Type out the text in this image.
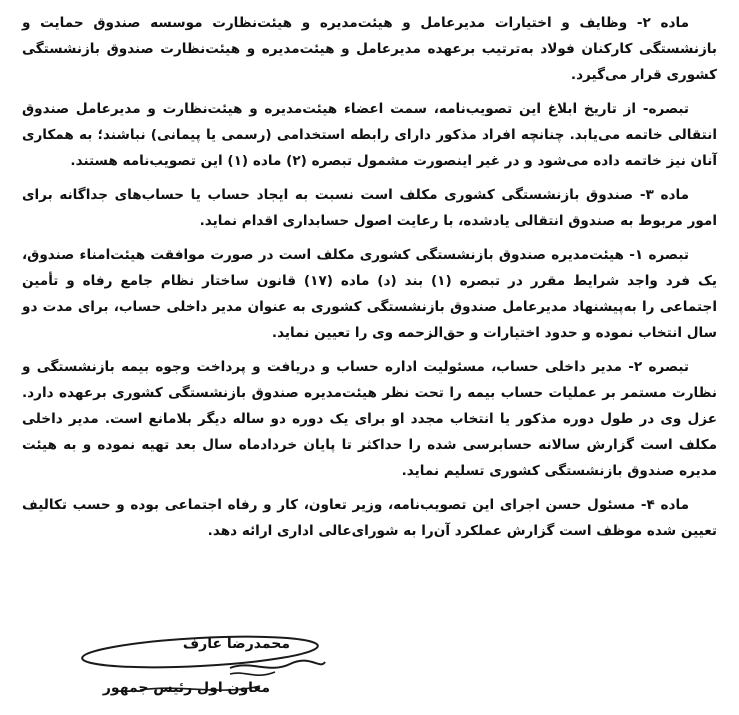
ماده ۲- وظایف و اختیارات مدیرعامل و هیئت‌مدیره و هیئت‌نظارت موسسه صندوق حمایت و بازنشستگی کارکنان فولاد به‌ترتیب برعهده مدیرعامل و هیئت‌مدیره و هیئت‌نظارت صندوق بازنشستگی کشوری قرار می‌گیرد.

تبصره- از تاریخ ابلاغ این تصویب‌نامه، سمت اعضاء هیئت‌مدیره و هیئت‌نظارت و مدیرعامل صندوق انتقالی خاتمه می‌یابد. چنانچه افراد مذکور دارای رابطه استخدامی (رسمی یا پیمانی) نباشند؛ به همکاری آنان نیز خاتمه داده می‌شود و در غیر اینصورت مشمول تبصره (۲) ماده (۱) این تصویب‌نامه هستند.

ماده ۳- صندوق بازنشستگی کشوری مکلف است نسبت به ایجاد حساب یا حساب‌های جداگانه برای امور مربوط به صندوق انتقالی یادشده، با رعایت اصول حسابداری اقدام نماید.

تبصره ۱- هیئت‌مدیره صندوق بازنشستگی کشوری مکلف است در صورت موافقت هیئت‌امناء صندوق، یک فرد واجد شرایط مقرر در تبصره (۱) بند (د) ماده (۱۷) قانون ساختار نظام جامع رفاه و تأمین اجتماعی را به‌پیشنهاد مدیرعامل صندوق بازنشستگی کشوری به عنوان مدیر داخلی حساب، برای مدت دو سال انتخاب نموده و حدود اختیارات و حق‌الزحمه وی را تعیین نماید.

تبصره ۲- مدیر داخلی حساب، مسئولیت اداره حساب و دریافت و پرداخت وجوه بیمه بازنشستگی و نظارت مستمر بر عملیات حساب بیمه را تحت نظر هیئت‌مدیره صندوق بازنشستگی کشوری برعهده دارد. عزل وی در طول دوره مذکور یا انتخاب مجدد او برای یک دوره دو ساله دیگر بلامانع است. مدیر داخلی مکلف است گزارش سالانه حسابرسی شده را حداکثر تا پایان خردادماه سال بعد تهیه نموده و به هیئت مدیره صندوق بازنشستگی کشوری تسلیم نماید.

ماده ۴- مسئول حسن اجرای این تصویب‌نامه، وزیر تعاون، کار و رفاه اجتماعی بوده و حسب تکالیف تعیین شده موظف است گزارش عملکرد آن‌را به شورای‌عالی اداری ارائه دهد.

محمدرضا عارف
معاون اول رئیس جمهور
